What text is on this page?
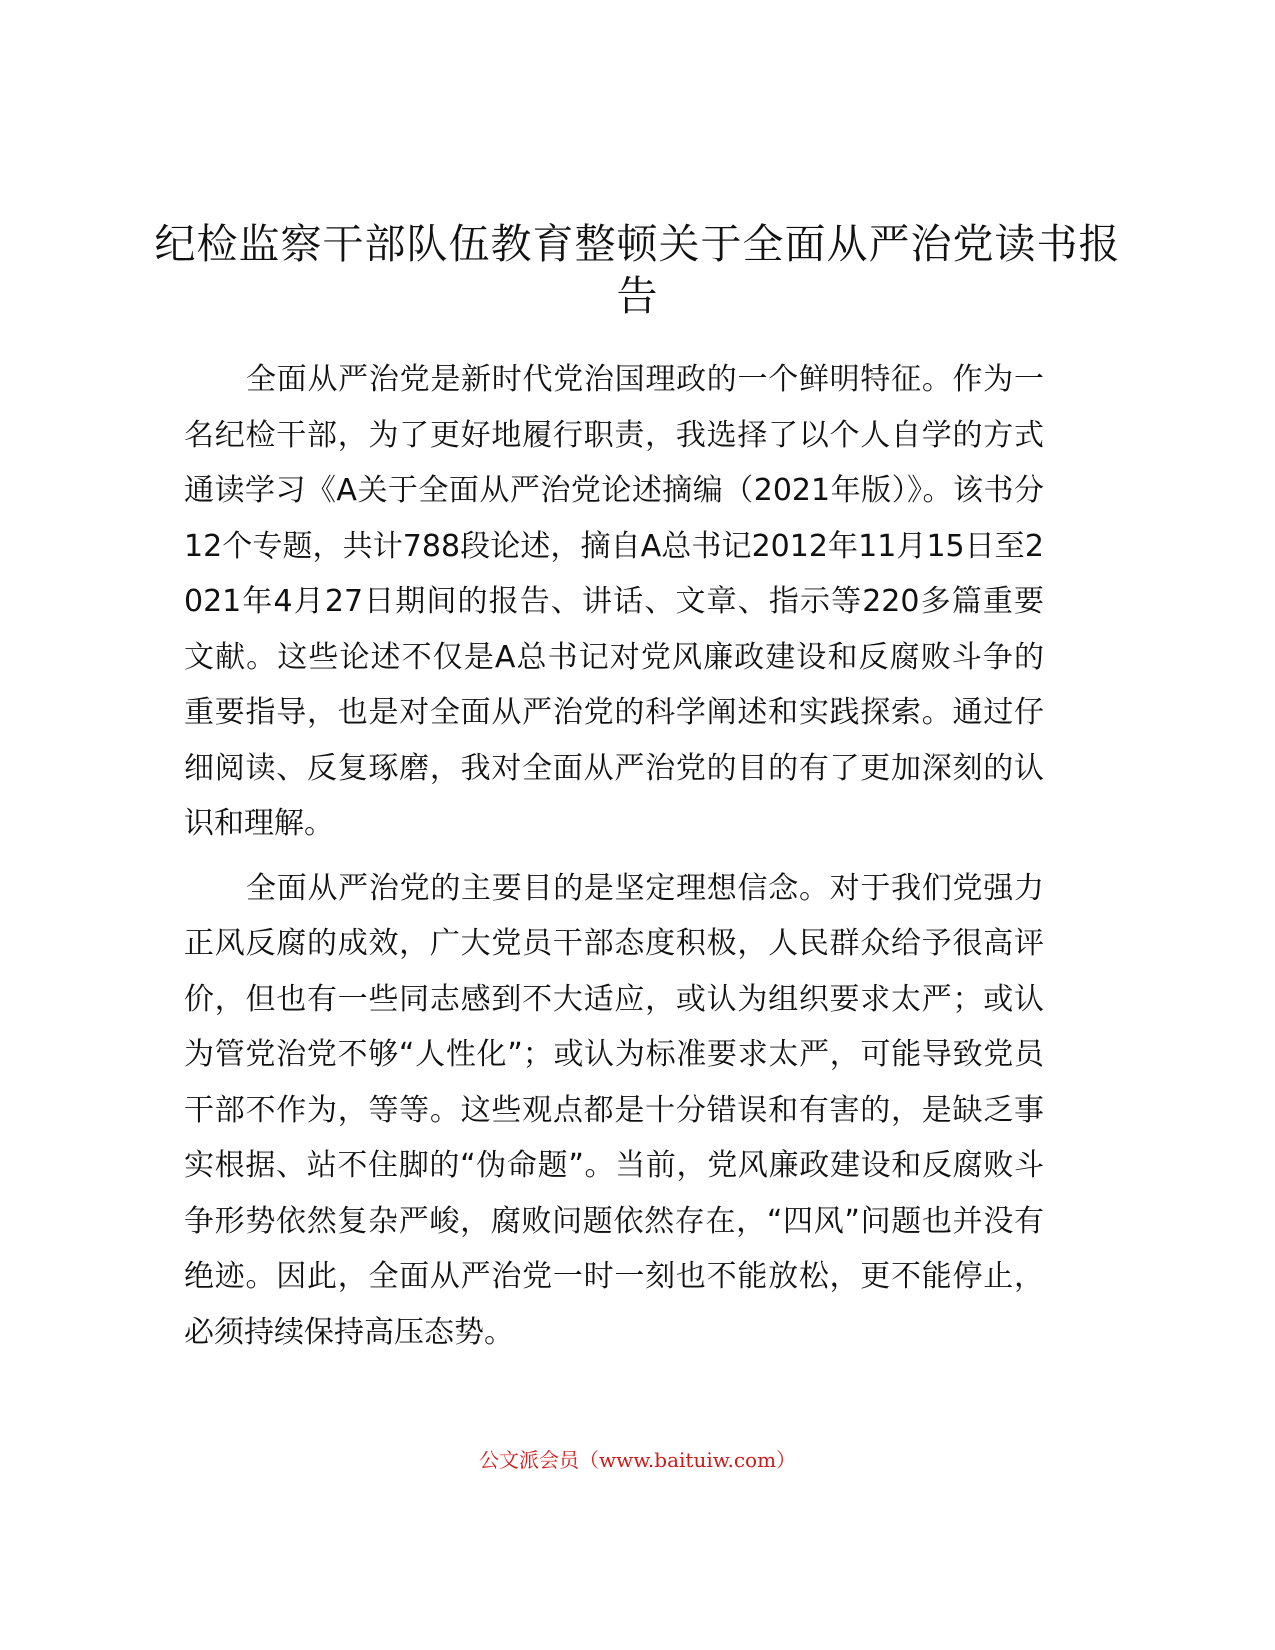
纪检监察干部队伍教育整顿关于全面从严治党读书报告

全面从严治党是新时代党治国理政的一个鲜明特征。作为一名纪检干部，为了更好地履行职责，我选择了以个人自学的方式通读学习《A关于全面从严治党论述摘编（2021年版）》。该书分12个专题，共计788段论述，摘自A总书记2012年11月15日至2021年4月27日期间的报告、讲话、文章、指示等220多篇重要文献。这些论述不仅是A总书记对党风廉政建设和反腐败斗争的重要指导，也是对全面从严治党的科学阐述和实践探索。通过仔细阅读、反复琢磨，我对全面从严治党的目的有了更加深刻的认识和理解。

全面从严治党的主要目的是坚定理想信念。对于我们党强力正风反腐的成效，广大党员干部态度积极，人民群众给予很高评价，但也有一些同志感到不大适应，或认为组织要求太严；或认为管党治党不够“人性化”；或认为标准要求太严，可能导致党员干部不作为，等等。这些观点都是十分错误和有害的，是缺乏事实根据、站不住脚的“伪命题”。当前，党风廉政建设和反腐败斗争形势依然复杂严峻，腐败问题依然存在，“四风”问题也并没有绝迹。因此，全面从严治党一时一刻也不能放松，更不能停止，必须持续保持高压态势。

公文派会员（www.baituiw.com）
